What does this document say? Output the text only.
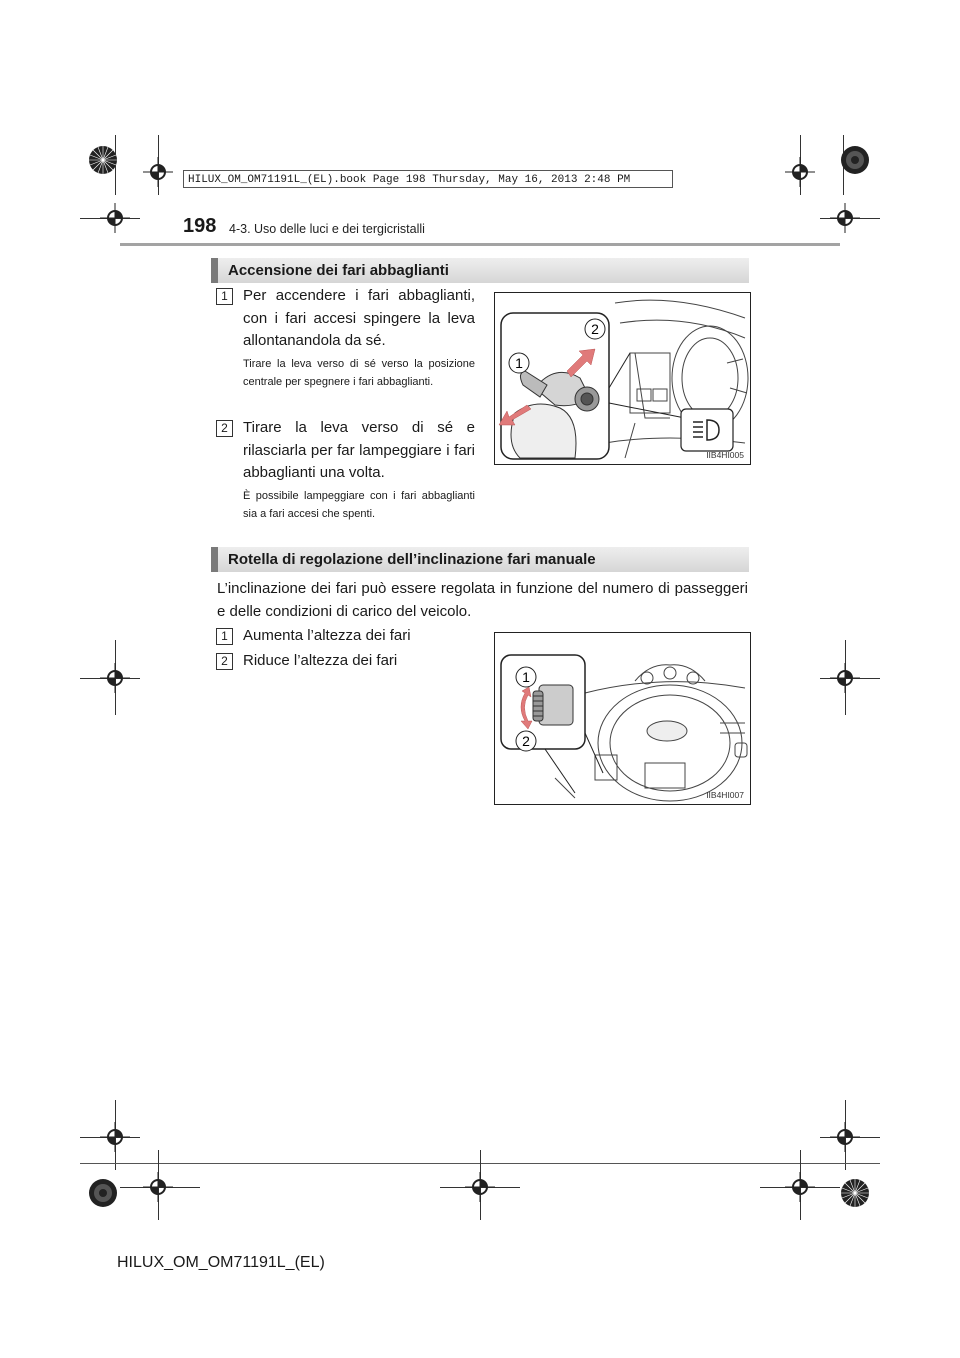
HILUX_OM_OM71191L_(EL).book Page 198 Thursday, May 16, 2013 2:48 PM
198 4-3. Uso delle luci e dei tergicristalli
Accensione dei fari abbaglianti
1	Per accendere i fari abbaglianti, con i fari accesi spingere la leva allontanandola da sé.
Tirare la leva verso di sé verso la posizione centrale per spegnere i fari abbaglianti.
2	Tirare la leva verso di sé e rilasciarla per far lampeggiare i fari abbaglianti una volta.
È possibile lampeggiare con i fari abbaglianti sia a fari accesi che spenti.
2
1
IIB4HI005
Rotella di regolazione dell’inclinazione fari manuale
L’inclinazione dei fari può essere regolata in funzione del numero di passeggeri e delle condizioni di carico del veicolo.
1	Aumenta l’altezza dei fari
2	Riduce l’altezza dei fari
1
2
IIB4HI007
HILUX_OM_OM71191L_(EL)
